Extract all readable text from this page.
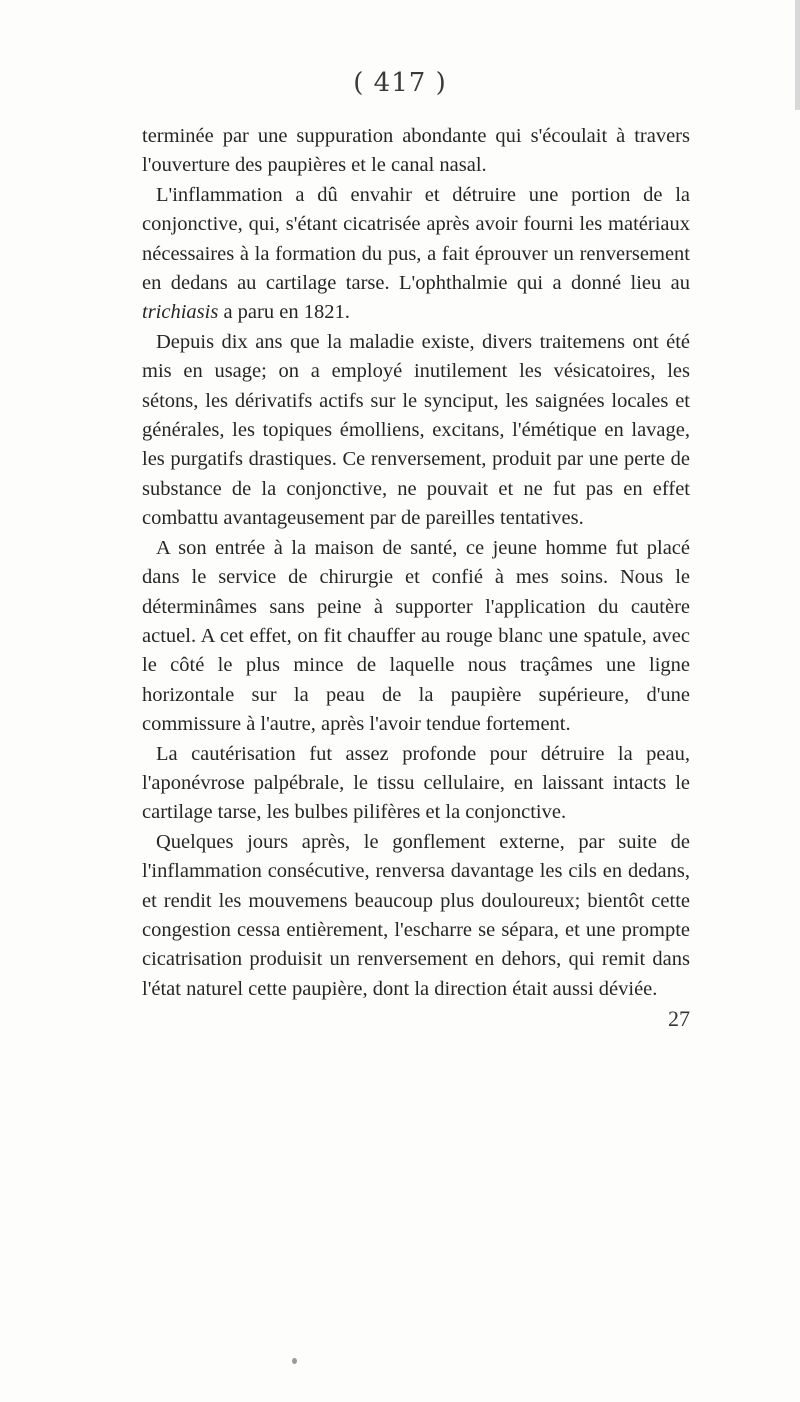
( 417 )

terminée par une suppuration abondante qui s'écoulait à travers l'ouverture des paupières et le canal nasal.

L'inflammation a dû envahir et détruire une portion de la conjonctive, qui, s'étant cicatrisée après avoir fourni les matériaux nécessaires à la formation du pus, a fait éprouver un renversement en dedans au cartilage tarse. L'ophthalmie qui a donné lieu au trichiasis a paru en 1821.

Depuis dix ans que la maladie existe, divers traitemens ont été mis en usage; on a employé inutilement les vésicatoires, les sétons, les dérivatifs actifs sur le synciput, les saignées locales et générales, les topiques émolliens, excitans, l'émétique en lavage, les purgatifs drastiques. Ce renversement, produit par une perte de substance de la conjonctive, ne pouvait et ne fut pas en effet combattu avantageusement par de pareilles tentatives.

A son entrée à la maison de santé, ce jeune homme fut placé dans le service de chirurgie et confié à mes soins. Nous le déterminâmes sans peine à supporter l'application du cautère actuel. A cet effet, on fit chauffer au rouge blanc une spatule, avec le côté le plus mince de laquelle nous traçâmes une ligne horizontale sur la peau de la paupière supérieure, d'une commissure à l'autre, après l'avoir tendue fortement.

La cautérisation fut assez profonde pour détruire la peau, l'aponévrose palpébrale, le tissu cellulaire, en laissant intacts le cartilage tarse, les bulbes pilifères et la conjonctive.

Quelques jours après, le gonflement externe, par suite de l'inflammation consécutive, renversa davantage les cils en dedans, et rendit les mouvemens beaucoup plus douloureux; bientôt cette congestion cessa entièrement, l'escharre se sépara, et une prompte cicatrisation produisit un renversement en dehors, qui remit dans l'état naturel cette paupière, dont la direction était aussi déviée.

27
